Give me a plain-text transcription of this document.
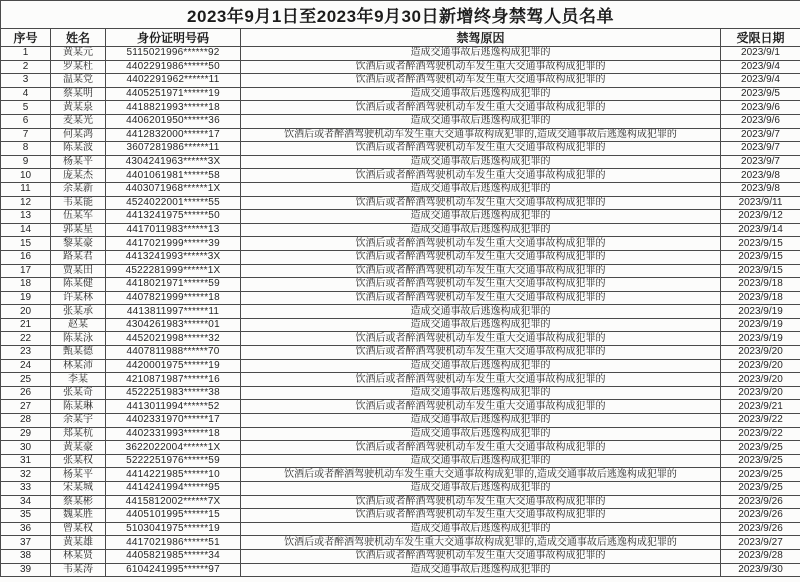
2023年9月1日至2023年9月30日新增终身禁驾人员名单				
序号	姓名	身份证明号码	禁驾原因	受限日期
1	黄某元	5115021996******92	造成交通事故后逃逸构成犯罪的	2023/9/1
2	罗某杜	4402291986******50	饮酒后或者醉酒驾驶机动车发生重大交通事故构成犯罪的	2023/9/4
3	温某党	4402291962******11	饮酒后或者醉酒驾驶机动车发生重大交通事故构成犯罪的	2023/9/4
4	蔡某明	4405251971******19	造成交通事故后逃逸构成犯罪的	2023/9/5
5	黄某泉	4418821993******18	饮酒后或者醉酒驾驶机动车发生重大交通事故构成犯罪的	2023/9/6
6	麦某光	4406201950******36	造成交通事故后逃逸构成犯罪的	2023/9/6
7	何某鸿	4412832000******17	饮酒后或者醉酒驾驶机动车发生重大交通事故构成犯罪的,造成交通事故后逃逸构成犯罪的	2023/9/7
8	陈某波	3607281986******11	饮酒后或者醉酒驾驶机动车发生重大交通事故构成犯罪的	2023/9/7
9	杨某平	4304241963******3X	造成交通事故后逃逸构成犯罪的	2023/9/7
10	庞某杰	4401061981******58	饮酒后或者醉酒驾驶机动车发生重大交通事故构成犯罪的	2023/9/8
11	余某新	4403071968******1X	造成交通事故后逃逸构成犯罪的	2023/9/8
12	韦某能	4524022001******55	饮酒后或者醉酒驾驶机动车发生重大交通事故构成犯罪的	2023/9/11
13	伍某军	4413241975******50	造成交通事故后逃逸构成犯罪的	2023/9/12
14	郭某星	4417011983******13	造成交通事故后逃逸构成犯罪的	2023/9/14
15	黎某豪	4417021999******39	饮酒后或者醉酒驾驶机动车发生重大交通事故构成犯罪的	2023/9/15
16	路某君	4413241993******3X	饮酒后或者醉酒驾驶机动车发生重大交通事故构成犯罪的	2023/9/15
17	贾某田	4522281999******1X	饮酒后或者醉酒驾驶机动车发生重大交通事故构成犯罪的	2023/9/15
18	陈某健	4418021971******59	饮酒后或者醉酒驾驶机动车发生重大交通事故构成犯罪的	2023/9/18
19	许某林	4407821999******18	饮酒后或者醉酒驾驶机动车发生重大交通事故构成犯罪的	2023/9/18
20	张某承	4413811997******11	造成交通事故后逃逸构成犯罪的	2023/9/19
21	赵某	4304261983******01	造成交通事故后逃逸构成犯罪的	2023/9/19
22	陈某泳	4452021998******32	饮酒后或者醉酒驾驶机动车发生重大交通事故构成犯罪的	2023/9/19
23	甄某德	4407811988******70	饮酒后或者醉酒驾驶机动车发生重大交通事故构成犯罪的	2023/9/20
24	林某沛	4420001975******19	造成交通事故后逃逸构成犯罪的	2023/9/20
25	李某	4210871987******16	饮酒后或者醉酒驾驶机动车发生重大交通事故构成犯罪的	2023/9/20
26	张某奇	4522251983******38	造成交通事故后逃逸构成犯罪的	2023/9/20
27	陈某琳	4413011994******52	饮酒后或者醉酒驾驶机动车发生重大交通事故构成犯罪的	2023/9/21
28	余某宇	4402331970******17	造成交通事故后逃逸构成犯罪的	2023/9/22
29	郑某杭	4402331993******18	造成交通事故后逃逸构成犯罪的	2023/9/22
30	黄某豪	3622022004******1X	饮酒后或者醉酒驾驶机动车发生重大交通事故构成犯罪的	2023/9/25
31	张某权	5222251976******59	造成交通事故后逃逸构成犯罪的	2023/9/25
32	杨某平	4414221985******10	饮酒后或者醉酒驾驶机动车发生重大交通事故构成犯罪的,造成交通事故后逃逸构成犯罪的	2023/9/25
33	宋某城	4414241994******95	造成交通事故后逃逸构成犯罪的	2023/9/25
34	蔡某彬	4415812002******7X	饮酒后或者醉酒驾驶机动车发生重大交通事故构成犯罪的	2023/9/26
35	魏某胜	4405101995******15	饮酒后或者醉酒驾驶机动车发生重大交通事故构成犯罪的	2023/9/26
36	曾某权	5103041975******19	造成交通事故后逃逸构成犯罪的	2023/9/26
37	黄某雄	4417021986******51	饮酒后或者醉酒驾驶机动车发生重大交通事故构成犯罪的,造成交通事故后逃逸构成犯罪的	2023/9/27
38	林某贤	4405821985******34	饮酒后或者醉酒驾驶机动车发生重大交通事故构成犯罪的	2023/9/28
39	韦某涛	6104241995******97	造成交通事故后逃逸构成犯罪的	2023/9/30
